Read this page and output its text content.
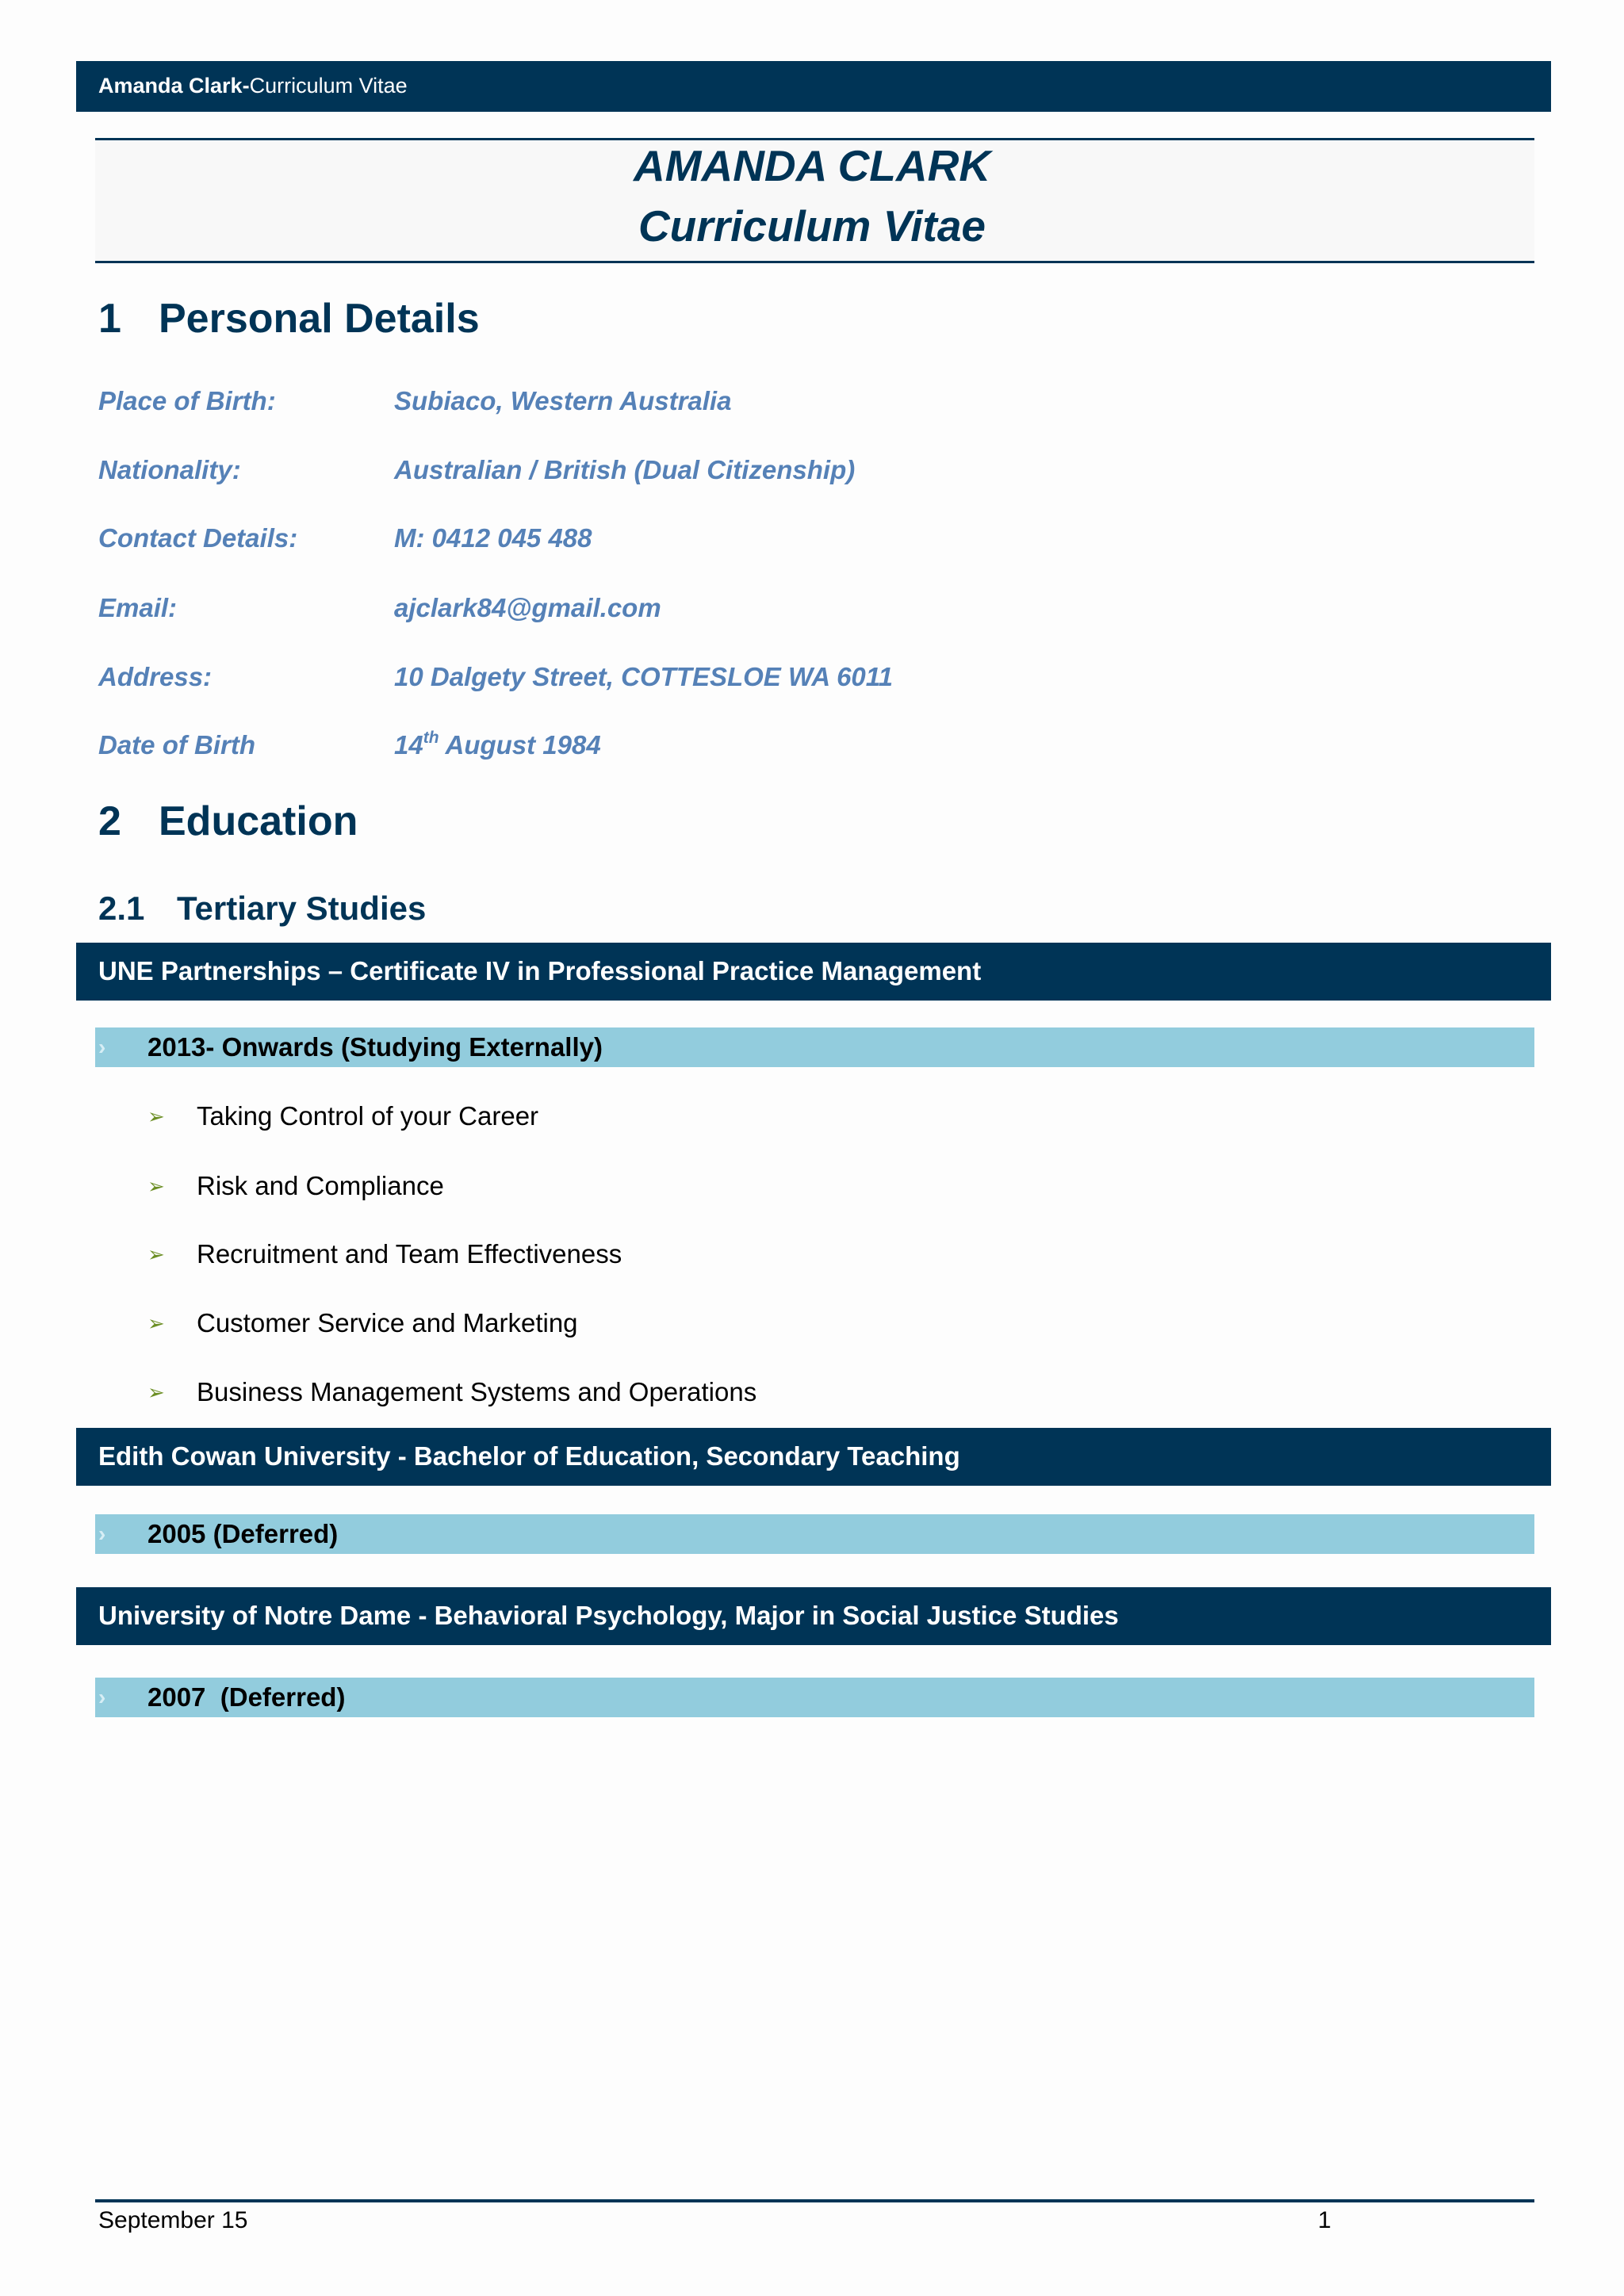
Amanda Clark-Curriculum Vitae
AMANDA CLARK
Curriculum Vitae
1 Personal Details
Place of Birth:	Subiaco, Western Australia
Nationality:	Australian / British (Dual Citizenship)
Contact Details:	M: 0412 045 488
Email:	ajclark84@gmail.com
Address:	10 Dalgety Street, COTTESLOE WA 6011
Date of Birth	14th August 1984
2 Education
2.1 Tertiary Studies
UNE Partnerships – Certificate IV in Professional Practice Management
› 2013- Onwards (Studying Externally)
➢ Taking Control of your Career
➢ Risk and Compliance
➢ Recruitment and Team Effectiveness
➢ Customer Service and Marketing
➢ Business Management Systems and Operations
Edith Cowan University - Bachelor of Education, Secondary Teaching
› 2005 (Deferred)
University of Notre Dame - Behavioral Psychology, Major in Social Justice Studies
› 2007  (Deferred)
September 15	1
